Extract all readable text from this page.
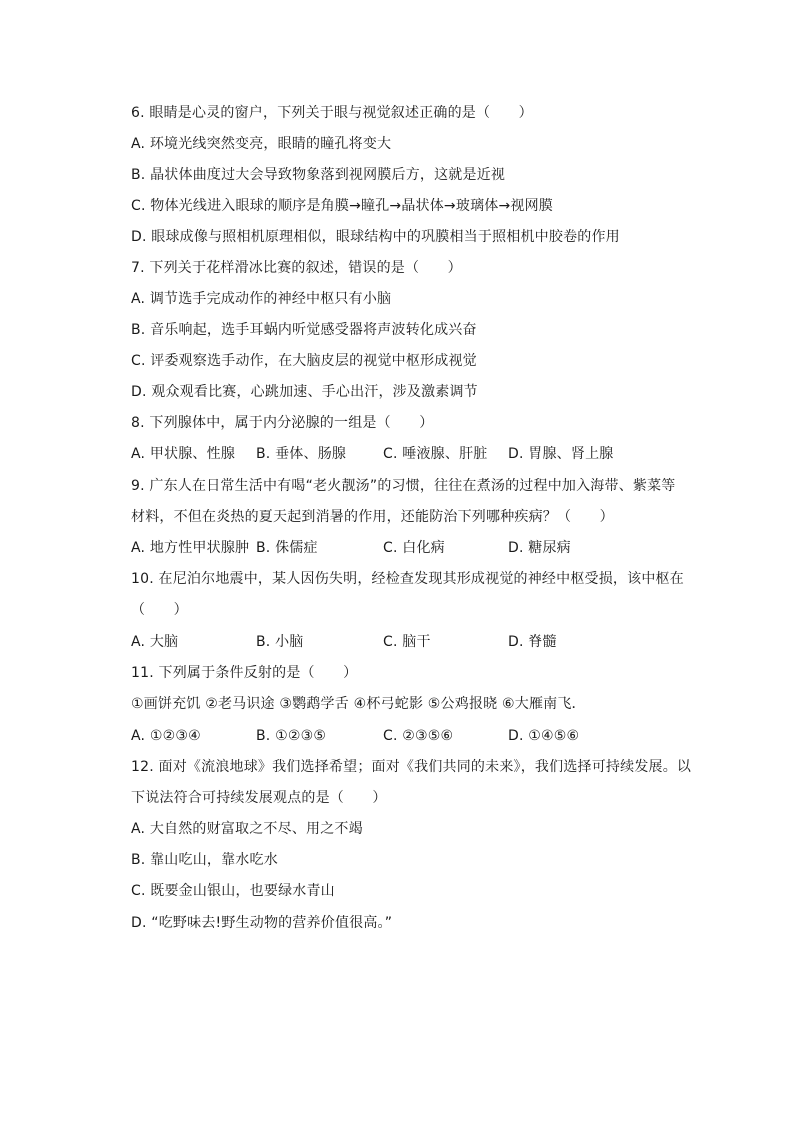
6. 眼睛是心灵的窗户，下列关于眼与视觉叙述正确的是（　　）
A. 环境光线突然变亮，眼睛的瞳孔将变大
B. 晶状体曲度过大会导致物象落到视网膜后方，这就是近视
C. 物体光线进入眼球的顺序是角膜→瞳孔→晶状体→玻璃体→视网膜
D. 眼球成像与照相机原理相似，眼球结构中的巩膜相当于照相机中胶卷的作用
7. 下列关于花样滑冰比赛的叙述，错误的是（　　）
A. 调节选手完成动作的神经中枢只有小脑
B. 音乐响起，选手耳蜗内听觉感受器将声波转化成兴奋
C. 评委观察选手动作，在大脑皮层的视觉中枢形成视觉
D. 观众观看比赛，心跳加速、手心出汗，涉及激素调节
8. 下列腺体中，属于内分泌腺的一组是（　　）
A. 甲状腺、性腺 B. 垂体、肠腺	C. 唾液腺、肝脏 D. 胃腺、肾上腺
9. 广东人在日常生活中有喝“老火靓汤”的习惯，往往在煮汤的过程中加入海带、紫菜等
材料，不但在炎热的夏天起到消暑的作用，还能防治下列哪种疾病？（　　）
A. 地方性甲状腺肿 B. 侏儒症	C. 白化病	D. 糖尿病
10. 在尼泊尔地震中，某人因伤失明，经检查发现其形成视觉的神经中枢受损，该中枢在
（　　）
A. 大脑	B. 小脑	C. 脑干	D. 脊髓
11. 下列属于条件反射的是（　　）
①画饼充饥 ②老马识途 ③鹦鹉学舌 ④杯弓蛇影 ⑤公鸡报晓 ⑥大雁南飞．
A. ①②③④	B. ①②③⑤	C. ②③⑤⑥	D. ①④⑤⑥
12. 面对《流浪地球》我们选择希望；面对《我们共同的未来》，我们选择可持续发展。以
下说法符合可持续发展观点的是（　　）
A. 大自然的财富取之不尽、用之不竭
B. 靠山吃山，靠水吃水
C. 既要金山银山，也要绿水青山
D. “吃野味去!野生动物的营养价值很高。”
